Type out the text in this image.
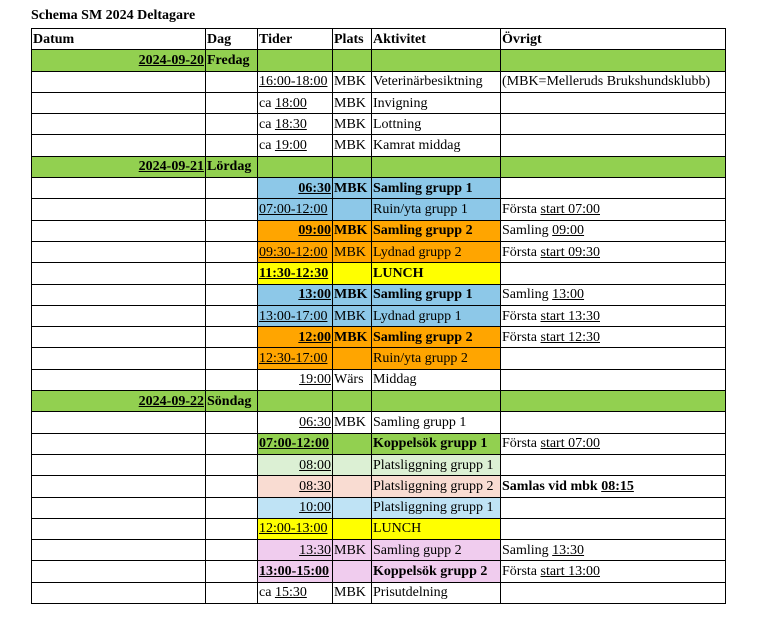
Schema SM 2024 Deltagare
Datum	Dag	Tider	Plats	Aktivitet	Övrigt
2024-09-20	Fredag				
		16:00-18:00	MBK	Veterinärbesiktning	(MBK=Melleruds Brukshundsklubb)
		ca 18:00	MBK	Invigning	
		ca 18:30	MBK	Lottning	
		ca 19:00	MBK	Kamrat middag	
2024-09-21	Lördag				
		06:30	MBK	Samling grupp 1	
		07:00-12:00		Ruin/yta grupp 1	Första start 07:00
		09:00	MBK	Samling grupp 2	Samling 09:00
		09:30-12:00	MBK	Lydnad grupp 2	Första start 09:30
		11:30-12:30		LUNCH	
		13:00	MBK	Samling grupp 1	Samling 13:00
		13:00-17:00	MBK	Lydnad grupp 1	Första start 13:30
		12:00	MBK	Samling grupp 2	Första start 12:30
		12:30-17:00		Ruin/yta grupp 2	
		19:00	Wärs	Middag	
2024-09-22	Söndag				
		06:30	MBK	Samling grupp 1	
		07:00-12:00		Koppelsök grupp 1	Första start 07:00
		08:00		Platsliggning grupp 1	
		08:30		Platsliggning grupp 2	Samlas vid mbk 08:15
		10:00		Platsliggning grupp 1	
		12:00-13:00		LUNCH	
		13:30	MBK	Samling gupp 2	Samling 13:30
		13:00-15:00		Koppelsök grupp 2	Första start 13:00
		ca 15:30	MBK	Prisutdelning	
